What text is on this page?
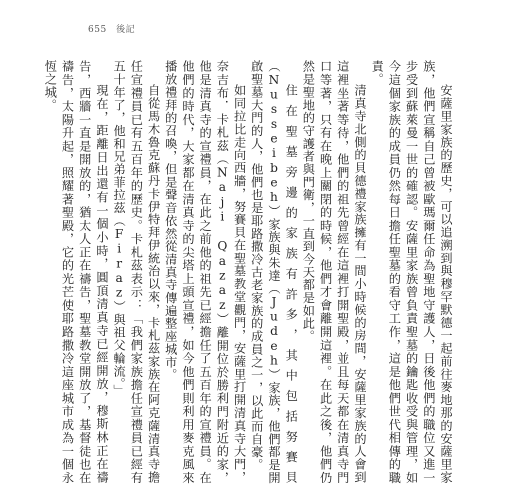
655 後記

安薩里家族的歷史，可以追溯到與穆罕默德一起前往麥地那的安薩里家族，他們宣稱自己曾被歐瑪爾任命為聖地守護人，日後他們的職位又進一步受到蘇萊曼一世的確認。安薩里家族曾負責聖墓的鑰匙收受與管理，如今這個家族的成員仍然每日擔任聖墓的看守工作，這是他們世代相傳的職責。

清真寺北側的貝德禮家族擁有一間小時候的房間，安薩里家族的人會到這裡坐著等待，他們的祖先曾經在這裡打開聖殿，並且每天都在清真寺門口等著，只有在晚上關閉的時候，他們才會離開這裡。在此之後，他們仍然是聖地的守護者與門衛，一直到今天都是如此。

住在聖墓旁邊的家族有許多，其中包括努賽貝（Nusseibeh）家族與朱達（Judeh）家族，他們都是開啟聖墓大門的人，他們也是耶路撒冷古老家族的成員之一，以此而自豪。

如同拉比走向西牆，努賽貝在聖墓教堂觀門，安薩里打開清真寺大門，奈吉布．卡札茲（Naji Qazaz）離開位於勝利門附近的家，他是清真寺的宣禮員，在此之前他的祖先已經擔任了五百年的宣禮員。在他們的時代，大家都在清真寺的尖塔上頭宣禮，如今他們則利用麥克風來播放禮拜的召喚，但是聲音依然從清真寺傳遍整座城市。

自從馬木魯克蘇丹卡伊特拜伊統治以來，卡札茲家族在阿克薩清真寺擔任宣禮員已有五百年的歷史。卡札茲表示：「我們家族擔任宣禮員已經有五十年了，他和兄弟菲拉茲（Firaz）與祖父輪流。」

現在，距離日出還有一個小時，圓頂清真寺已經開放，穆斯林正在禱告，西牆一直是開放的，猶太人正在禱告，聖墓教堂開放了，基督徒也在禱告，太陽升起，照耀著聖殿，它的光芒使耶路撒冷這座城市成為一個永恆之城。
